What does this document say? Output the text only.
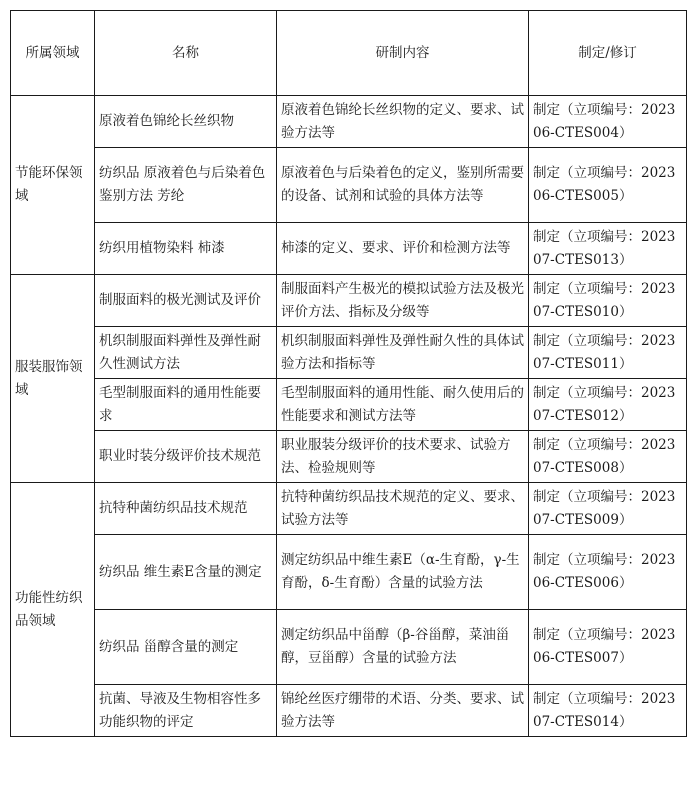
所属领域	名称	研制内容	制定/修订
节能环保领域	原液着色锦纶长丝织物	原液着色锦纶长丝织物的定义、要求、试验方法等	制定（立项编号：202306-CTES004）
	纺织品 原液着色与后染着色鉴别方法 芳纶	原液着色与后染着色的定义，鉴别所需要的设备、试剂和试验的具体方法等	制定（立项编号：202306-CTES005）
	纺织用植物染料 柿漆	柿漆的定义、要求、评价和检测方法等	制定（立项编号：202307-CTES013）
服装服饰领域	制服面料的极光测试及评价	制服面料产生极光的模拟试验方法及极光评价方法、指标及分级等	制定（立项编号：202307-CTES010）
	机织制服面料弹性及弹性耐久性测试方法	机织制服面料弹性及弹性耐久性的具体试验方法和指标等	制定（立项编号：202307-CTES011）
	毛型制服面料的通用性能要求	毛型制服面料的通用性能、耐久使用后的性能要求和测试方法等	制定（立项编号：202307-CTES012）
	职业时装分级评价技术规范	职业服装分级评价的技术要求、试验方法、检验规则等	制定（立项编号：202307-CTES008）
功能性纺织品领域	抗特种菌纺织品技术规范	抗特种菌纺织品技术规范的定义、要求、试验方法等	制定（立项编号：202307-CTES009）
	纺织品 维生素E含量的测定	测定纺织品中维生素E（α-生育酚，γ-生育酚，δ-生育酚）含量的试验方法	制定（立项编号：202306-CTES006）
	纺织品 甾醇含量的测定	测定纺织品中甾醇（β-谷甾醇，菜油甾醇，豆甾醇）含量的试验方法	制定（立项编号：202306-CTES007）
	抗菌、导液及生物相容性多功能织物的评定	锦纶丝医疗绷带的术语、分类、要求、试验方法等	制定（立项编号：202307-CTES014）
